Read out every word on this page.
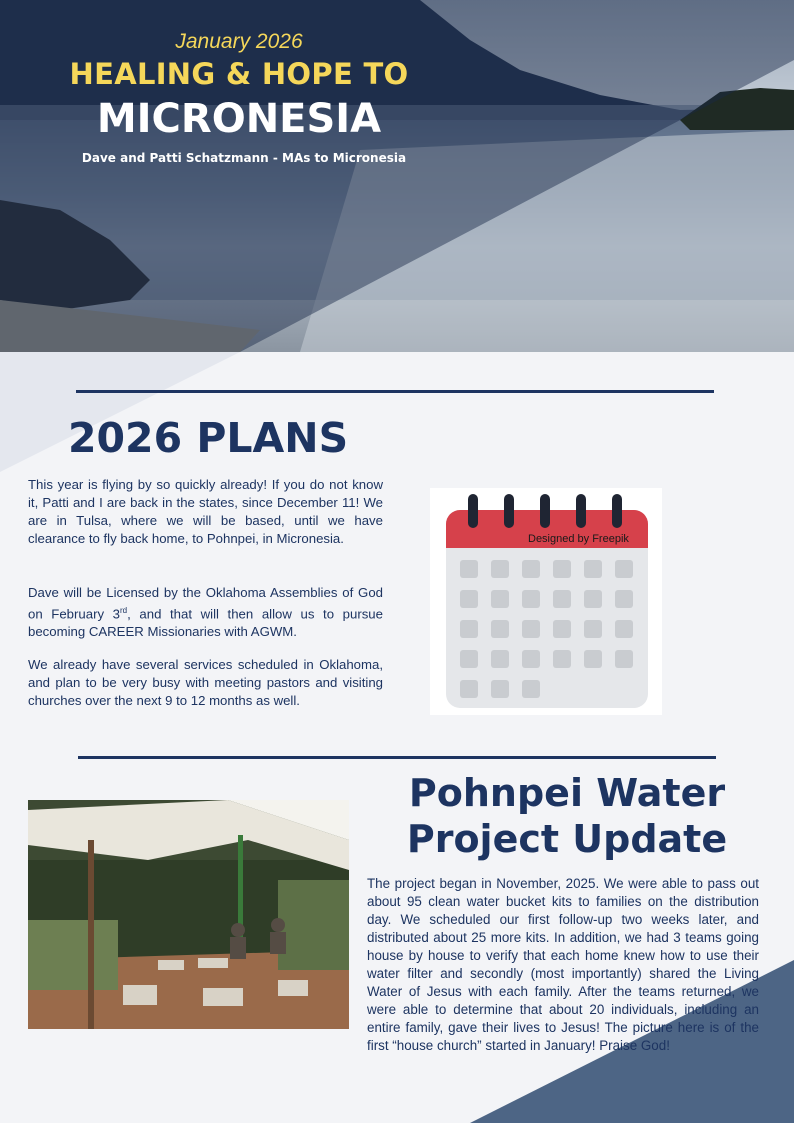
January 2026
HEALING & HOPE TO
MICRONESIA
Dave and Patti Schatzmann - MAs to Micronesia
2026 PLANS

This year is flying by so quickly already! If you do not know it, Patti and I are back in the states, since December 11! We are in Tulsa, where we will be based, until we have clearance to fly back home, to Pohnpei, in Micronesia.

Dave will be Licensed by the Oklahoma Assemblies of God on February 3rd, and that will then allow us to pursue becoming CAREER Missionaries with AGWM.

We already have several services scheduled in Oklahoma, and plan to be very busy with meeting pastors and visiting churches over the next 9 to 12 months as well.

Designed by Freepik
Pohnpei Water
Project Update

The project began in November, 2025. We were able to pass out about 95 clean water bucket kits to families on the distribution day. We scheduled our first follow-up two weeks later, and distributed about 25 more kits. In addition, we had 3 teams going house by house to verify that each home knew how to use their water filter and secondly (most importantly) shared the Living Water of Jesus with each family. After the teams returned, we were able to determine that about 20 individuals, including an entire family, gave their lives to Jesus! The picture here is of the first “house church” started in January! Praise God!
